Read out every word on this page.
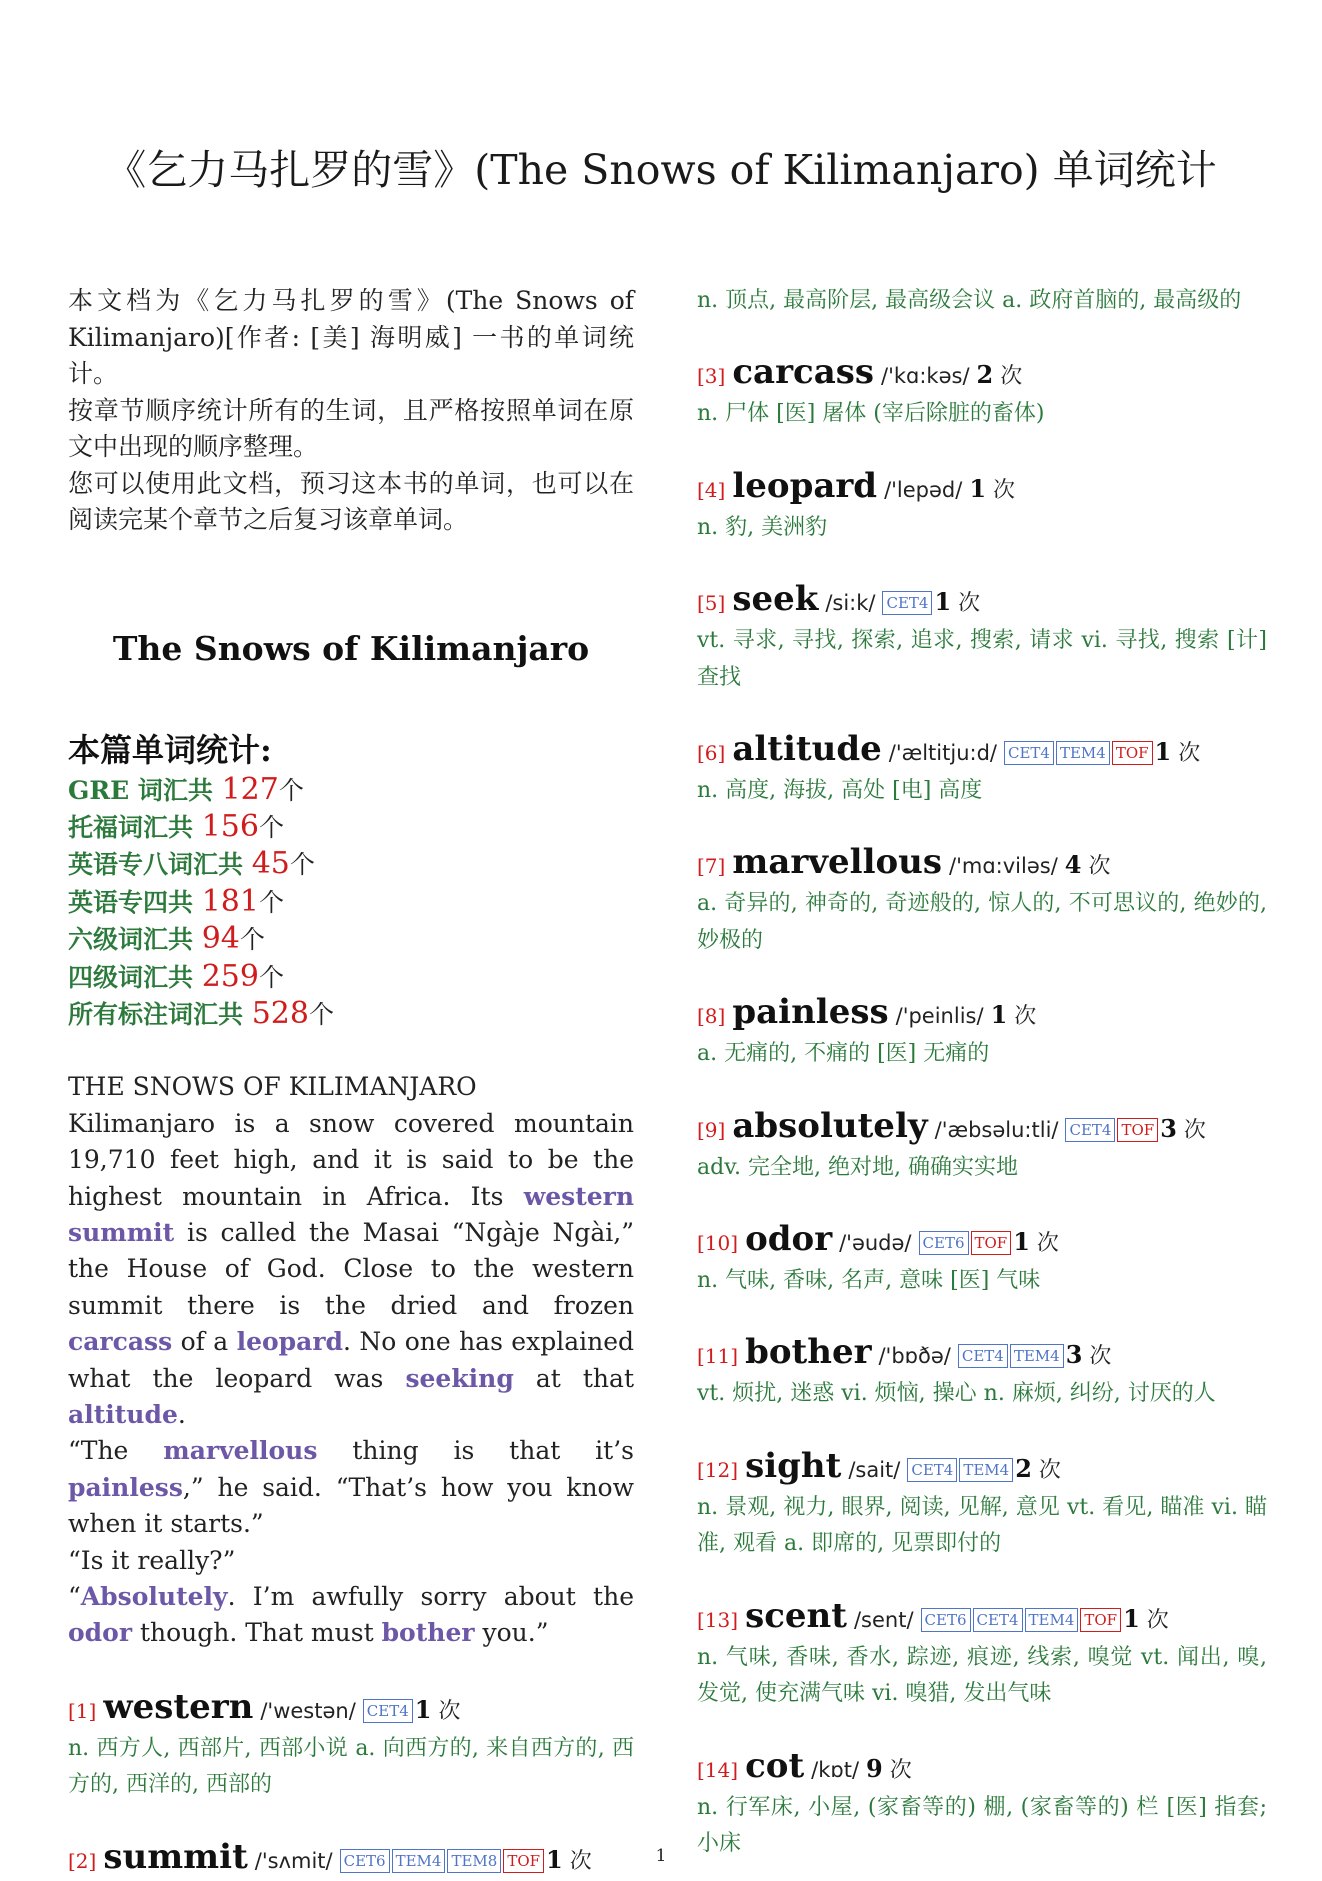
《乞力马扎罗的雪》(The Snows of Kilimanjaro) 单词统计

本文档为《乞力马扎罗的雪》(The Snows of Kilimanjaro)[作者: [美] 海明威] 一书的单词统计。

按章节顺序统计所有的生词，且严格按照单词在原文中出现的顺序整理。

您可以使用此文档，预习这本书的单词，也可以在阅读完某个章节之后复习该章单词。

The Snows of Kilimanjaro
本篇单词统计:
GRE 词汇共 127个
托福词汇共 156个
英语专八词汇共 45个
英语专四共 181个
六级词汇共 94个
四级词汇共 259个
所有标注词汇共 528个

THE SNOWS OF KILIMANJARO

Kilimanjaro is a snow covered mountain 19,710 feet high, and it is said to be the highest mountain in Africa. Its western summit is called the Masai “Ngàje Ngài,” the House of God. Close to the western summit there is the dried and frozen carcass of a leopard. No one has explained what the leopard was seeking at that altitude.

“The marvellous thing is that it’s painless,” he said. “That’s how you know when it starts.”

“Is it really?”

“Absolutely. I’m awfully sorry about the odor though. That must bother you.”

[1] western /'westən/ CET4 1 次
n. 西方人, 西部片, 西部小说 a. 向西方的, 来自西方的, 西方的, 西洋的, 西部的
[2] summit /'sʌmit/ CET6 TEM4 TEM8 TOF 1 次
n. 顶点, 最高阶层, 最高级会议 a. 政府首脑的, 最高级的
[3] carcass /'kɑ:kəs/ 2 次
n. 尸体 [医] 屠体 (宰后除脏的畜体)
[4] leopard /'lepəd/ 1 次
n. 豹, 美洲豹
[5] seek /si:k/ CET4 1 次
vt. 寻求, 寻找, 探索, 追求, 搜索, 请求 vi. 寻找, 搜索 [计] 查找
[6] altitude /'æltitju:d/ CET4 TEM4 TOF 1 次
n. 高度, 海拔, 高处 [电] 高度
[7] marvellous /'mɑ:viləs/ 4 次
a. 奇异的, 神奇的, 奇迹般的, 惊人的, 不可思议的, 绝妙的, 妙极的
[8] painless /'peinlis/ 1 次
a. 无痛的, 不痛的 [医] 无痛的
[9] absolutely /'æbsəlu:tli/ CET4 TOF 3 次
adv. 完全地, 绝对地, 确确实实地
[10] odor /'əudə/ CET6 TOF 1 次
n. 气味, 香味, 名声, 意味 [医] 气味
[11] bother /'bɒðə/ CET4 TEM4 3 次
vt. 烦扰, 迷惑 vi. 烦恼, 操心 n. 麻烦, 纠纷, 讨厌的人
[12] sight /sait/ CET4 TEM4 2 次
n. 景观, 视力, 眼界, 阅读, 见解, 意见 vt. 看见, 瞄准 vi. 瞄准, 观看 a. 即席的, 见票即付的
[13] scent /sent/ CET6 CET4 TEM4 TOF 1 次
n. 气味, 香味, 香水, 踪迹, 痕迹, 线索, 嗅觉 vt. 闻出, 嗅, 发觉, 使充满气味 vi. 嗅猎, 发出气味
[14] cot /kɒt/ 9 次
n. 行军床, 小屋, (家畜等的) 棚, (家畜等的) 栏 [医] 指套; 小床
1
